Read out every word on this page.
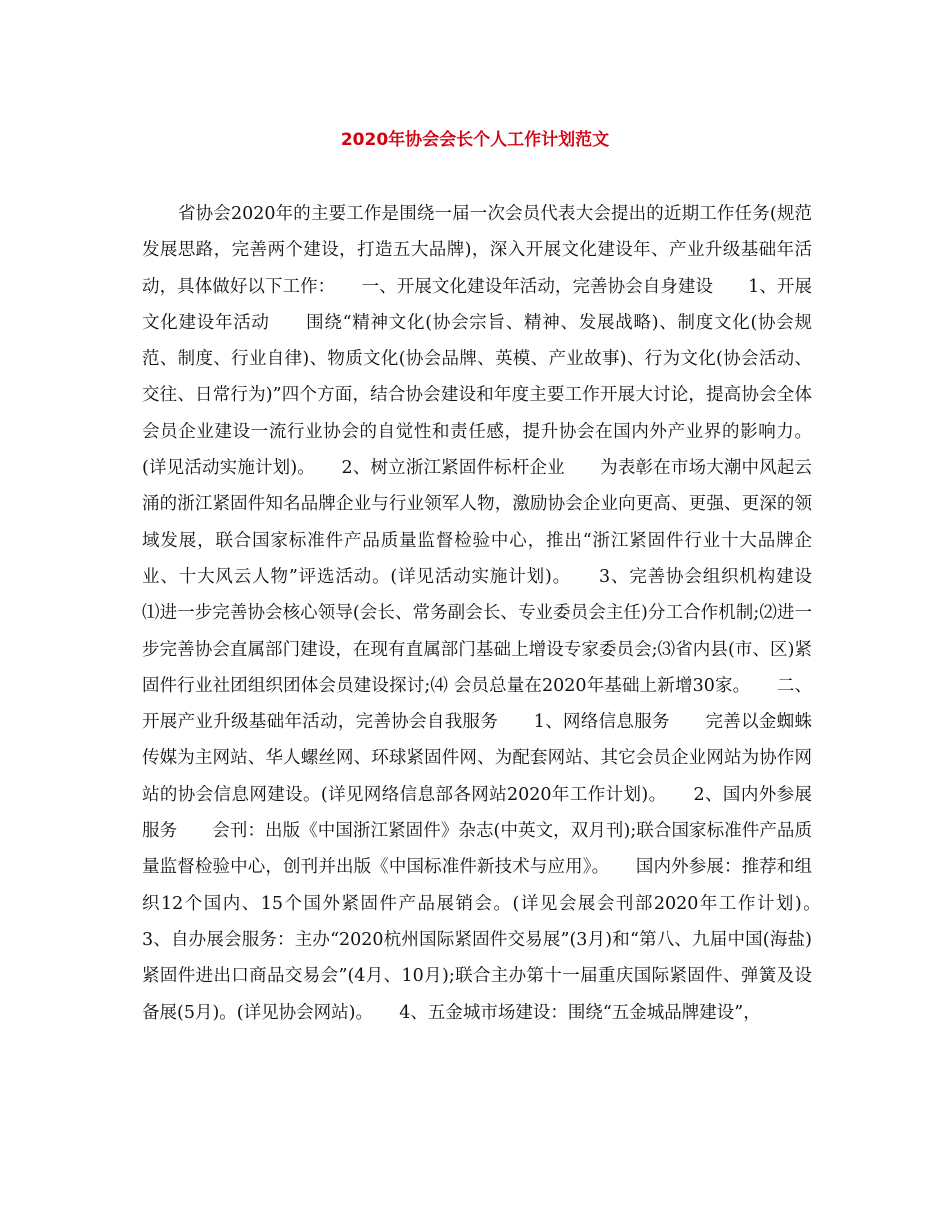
2020年协会会长个人工作计划范文

省协会2020年的主要工作是围绕一届一次会员代表大会提出的近期工作任务(规范发展思路，完善两个建设，打造五大品牌)，深入开展文化建设年、产业升级基础年活动，具体做好以下工作：　　一、开展文化建设年活动，完善协会自身建设　　1、开展文化建设年活动　　围绕“精神文化(协会宗旨、精神、发展战略)、制度文化(协会规范、制度、行业自律)、物质文化(协会品牌、英模、产业故事)、行为文化(协会活动、交往、日常行为)”四个方面，结合协会建设和年度主要工作开展大讨论，提高协会全体会员企业建设一流行业协会的自觉性和责任感，提升协会在国内外产业界的影响力。(详见活动实施计划)。　　2、树立浙江紧固件标杆企业　　为表彰在市场大潮中风起云涌的浙江紧固件知名品牌企业与行业领军人物，激励协会企业向更高、更强、更深的领域发展，联合国家标准件产品质量监督检验中心，推出“浙江紧固件行业十大品牌企业、十大风云人物”评选活动。(详见活动实施计划)。　　3、完善协会组织机构建设　　⑴进一步完善协会核心领导(会长、常务副会长、专业委员会主任)分工合作机制;⑵进一步完善协会直属部门建设，在现有直属部门基础上增设专家委员会;⑶省内县(市、区)紧固件行业社团组织团体会员建设探讨;⑷ 会员总量在2020年基础上新增30家。　　二、开展产业升级基础年活动，完善协会自我服务　　1、网络信息服务　　完善以金蜘蛛传媒为主网站、华人螺丝网、环球紧固件网、为配套网站、其它会员企业网站为协作网站的协会信息网建设。(详见网络信息部各网站2020年工作计划)。　　2、国内外参展服务　　会刊：出版《中国浙江紧固件》杂志(中英文，双月刊);联合国家标准件产品质量监督检验中心，创刊并出版《中国标准件新技术与应用》。　　国内外参展：推荐和组织12个国内、15个国外紧固件产品展销会。(详见会展会刊部2020年工作计划)。　　3、自办展会服务：主办“2020杭州国际紧固件交易展”(3月)和“第八、九届中国(海盐)紧固件进出口商品交易会”(4月、10月);联合主办第十一届重庆国际紧固件、弹簧及设备展(5月)。(详见协会网站)。　　4、五金城市场建设：围绕“五金城品牌建设”，
